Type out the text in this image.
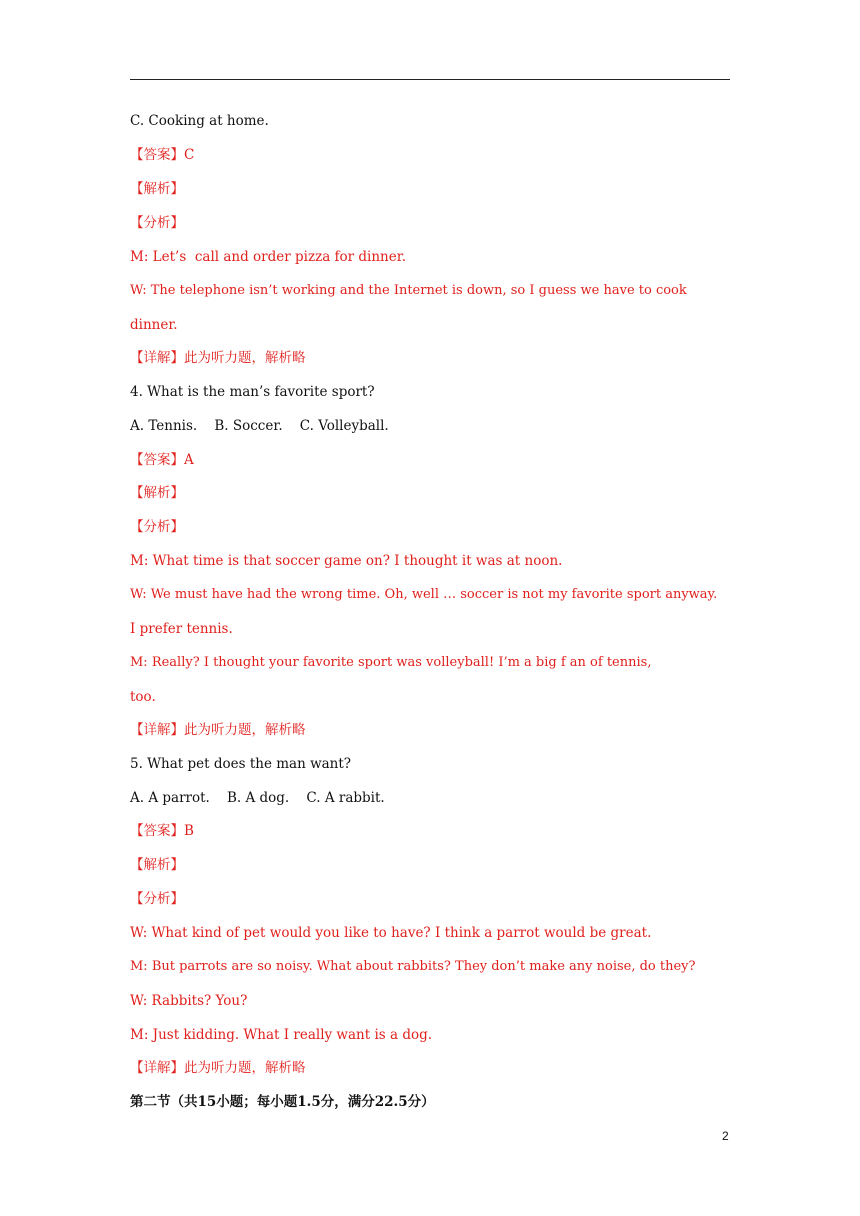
C. Cooking at home.
【答案】C
【解析】
【分析】
M: Let’s  call and order pizza for dinner.
W: The telephone isn’t working and the Internet is down, so I guess we have to cook
dinner.
【详解】此为听力题，解析略
4. What is the man’s favorite sport?
A. Tennis.    B. Soccer.    C. Volleyball.
【答案】A
【解析】
【分析】
M: What time is that soccer game on? I thought it was at noon.
W: We must have had the wrong time. Oh, well … soccer is not my favorite sport anyway.
I prefer tennis.
M: Really? I thought your favorite sport was volleyball! I’m a big f an of tennis,
too.
【详解】此为听力题，解析略
5. What pet does the man want?
A. A parrot.    B. A dog.    C. A rabbit.
【答案】B
【解析】
【分析】
W: What kind of pet would you like to have? I think a parrot would be great.
M: But parrots are so noisy. What about rabbits? They don’t make any noise, do they?
W: Rabbits? You?
M: Just kidding. What I really want is a dog.
【详解】此为听力题，解析略
第二节（共15小题；每小题1.5分，满分22.5分）
2
